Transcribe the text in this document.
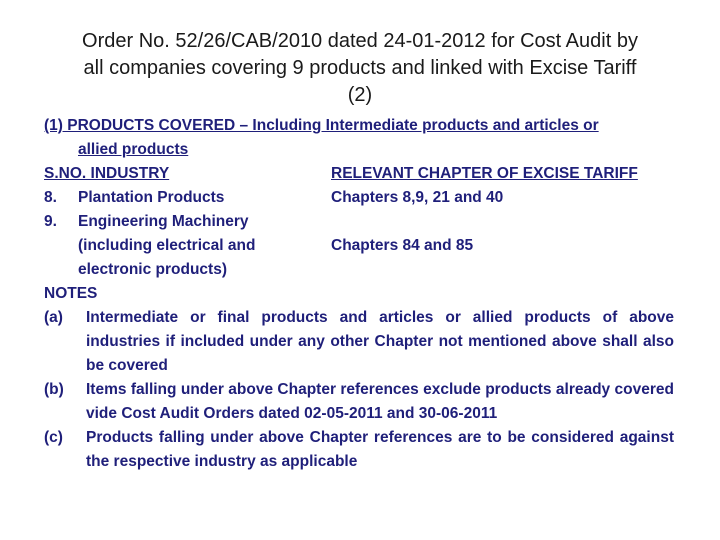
Order No. 52/26/CAB/2010 dated 24-01-2012 for Cost Audit by
all companies covering 9 products and linked with Excise Tariff
(2)
(1) PRODUCTS COVERED – Including Intermediate products and articles or
allied products
S.NO. INDUSTRY	RELEVANT CHAPTER OF EXCISE TARIFF
8. Plantation Products	Chapters 8,9, 21 and 40
9. Engineering Machinery
(including electrical and	Chapters 84 and 85
electronic products)
NOTES
(a)	Intermediate or final products and articles or allied products of above industries if included under any other Chapter not mentioned above shall also be covered
(b)	Items falling under above Chapter references exclude products already covered vide Cost Audit Orders dated 02-05-2011 and 30-06-2011
(c)	Products falling under above Chapter references are to be considered against the respective industry as applicable
